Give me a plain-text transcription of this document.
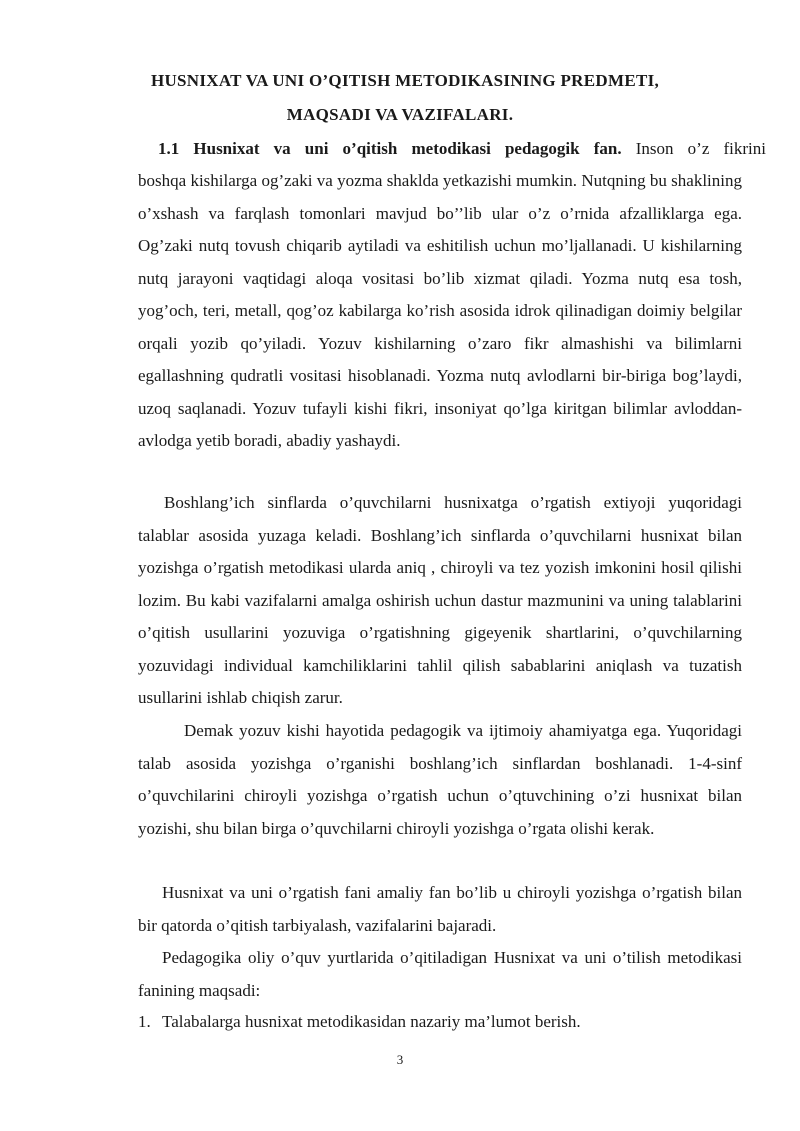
HUSNIXAT VA UNI O’QITISH METODIKASINING PREDMETI,
MAQSADI VA VAZIFALARI.
1.1 Husnixat va uni o’qitish metodikasi pedagogik fan. Inson o’z fikrini
boshqa kishilarga og’zaki va yozma shaklda yetkazishi mumkin. Nutqning bu shaklining o’xshash va farqlash tomonlari mavjud bo’’lib ular o’z o’rnida afzalliklarga ega. Og’zaki nutq tovush chiqarib aytiladi va eshitilish uchun mo’ljallanadi. U kishilarning nutq jarayoni vaqtidagi aloqa vositasi bo’lib xizmat qiladi. Yozma nutq esa tosh, yog’och, teri, metall, qog’oz kabilarga ko’rish asosida idrok qilinadigan doimiy belgilar orqali yozib qo’yiladi. Yozuv kishilarning o’zaro fikr almashishi va bilimlarni egallashning qudratli vositasi hisoblanadi. Yozma nutq avlodlarni bir-biriga bog’laydi, uzoq saqlanadi. Yozuv tufayli kishi fikri, insoniyat qo’lga kiritgan bilimlar avloddan-avlodga yetib boradi, abadiy yashaydi.
Boshlang’ich sinflarda o’quvchilarni husnixatga o’rgatish extiyoji yuqoridagi talablar asosida yuzaga keladi. Boshlang’ich sinflarda o’quvchilarni husnixat bilan yozishga o’rgatish metodikasi ularda aniq , chiroyli va tez yozish imkonini hosil qilishi lozim. Bu kabi vazifalarni amalga oshirish uchun dastur mazmunini va uning talablarini o’qitish usullarini yozuviga o’rgatishning gigeyenik shartlarini, o’quvchilarning yozuvidagi individual kamchiliklarini tahlil qilish sabablarini aniqlash va tuzatish usullarini ishlab chiqish zarur.
Demak yozuv kishi hayotida pedagogik va ijtimoiy ahamiyatga ega. Yuqoridagi talab asosida yozishga o’rganishi boshlang’ich sinflardan boshlanadi. 1-4-sinf o’quvchilarini chiroyli yozishga o’rgatish uchun o’qtuvchining o’zi husnixat bilan yozishi, shu bilan birga o’quvchilarni chiroyli yozishga o’rgata olishi kerak.
Husnixat va uni o’rgatish fani amaliy fan bo’lib u chiroyli yozishga o’rgatish bilan bir qatorda o’qitish tarbiyalash, vazifalarini bajaradi.
Pedagogika oliy o’quv yurtlarida o’qitiladigan Husnixat va uni o’tilish metodikasi fanining maqsadi:
1. Talabalarga husnixat metodikasidan nazariy ma’lumot berish.
3
